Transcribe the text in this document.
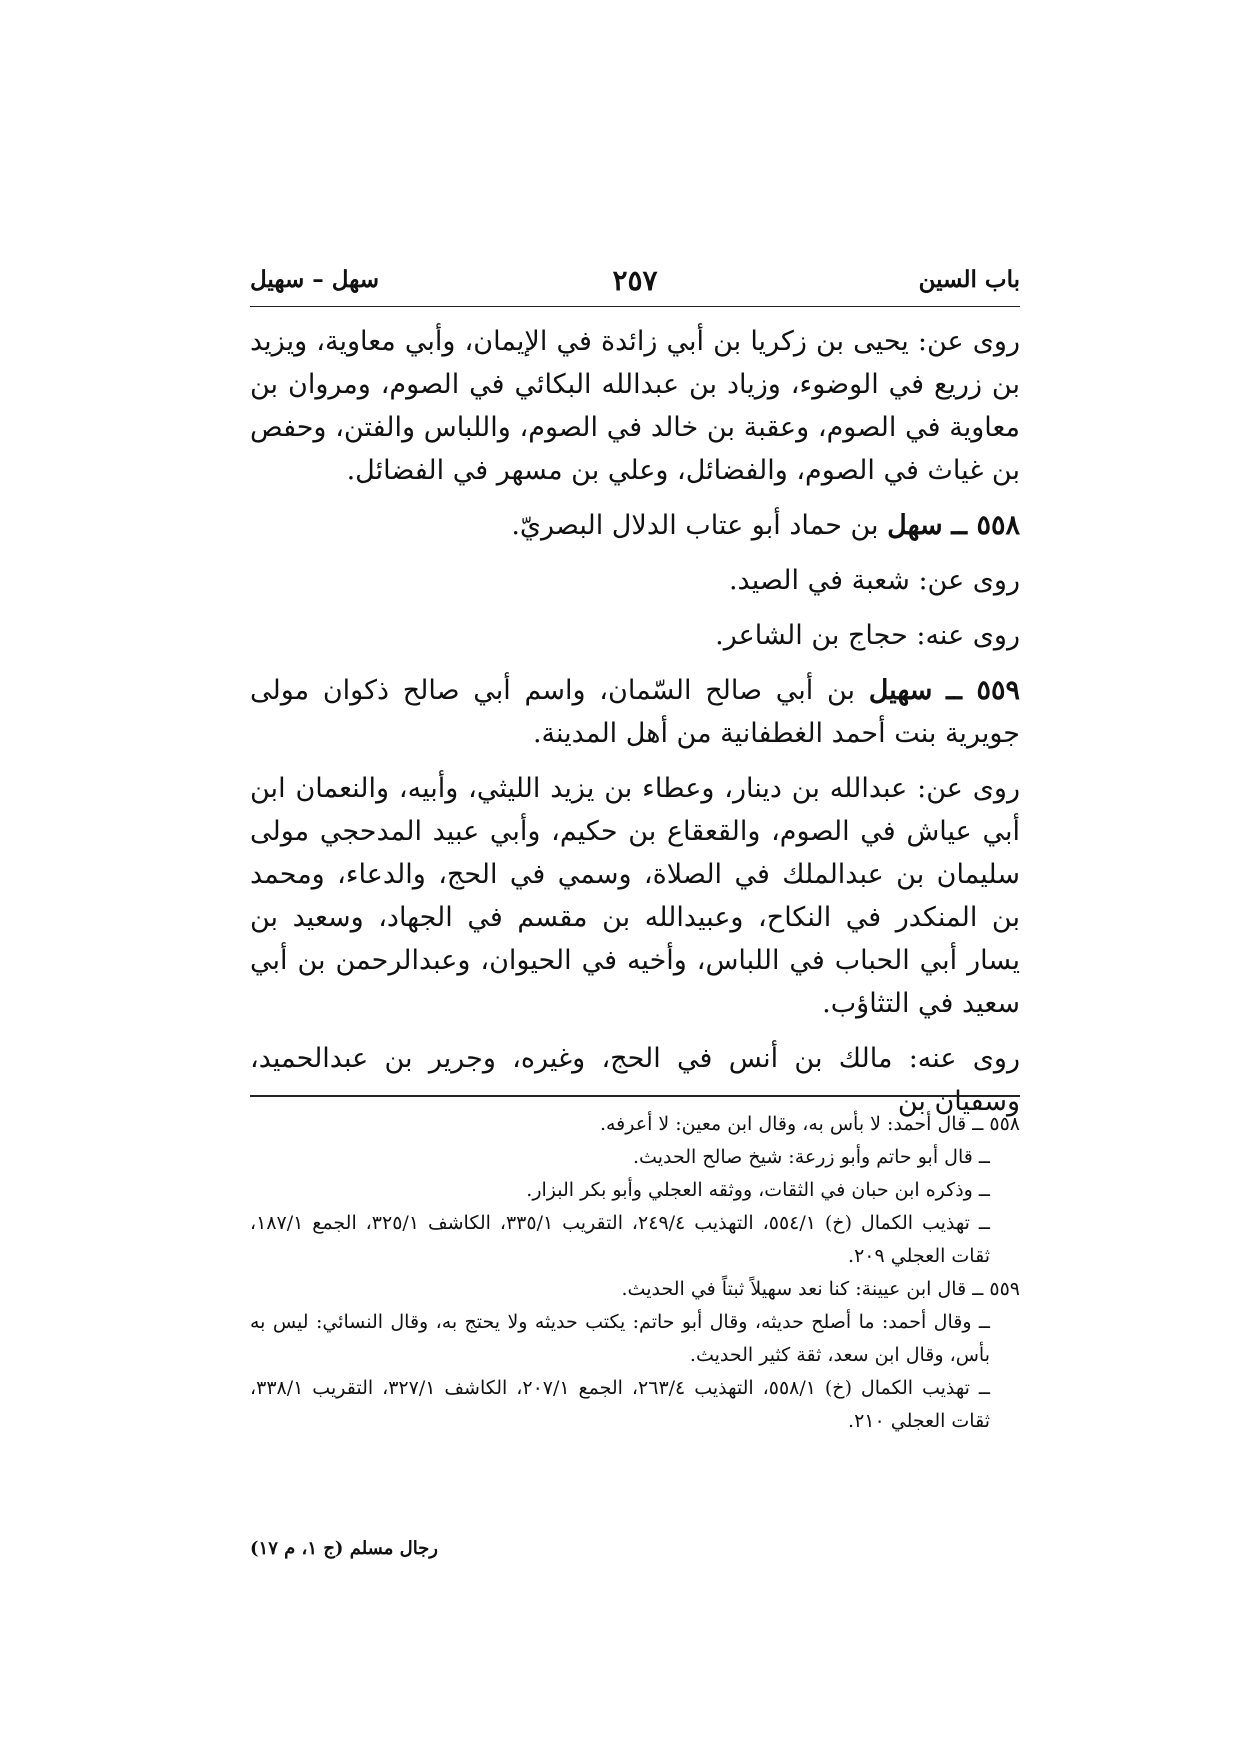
باب السين
٢٥٧
سهل – سهيل

روى عن: يحيى بن زكريا بن أبي زائدة في الإيمان، وأبي معاوية، ويزيد بن زريع في الوضوء، وزياد بن عبدالله البكائي في الصوم، ومروان بن معاوية في الصوم، وعقبة بن خالد في الصوم، واللباس والفتن، وحفص بن غياث في الصوم، والفضائل، وعلي بن مسهر في الفضائل.

٥٥٨ ــ سهل بن حماد أبو عتاب الدلال البصريّ.

روى عن: شعبة في الصيد.

روى عنه: حجاج بن الشاعر.

٥٥٩ ــ سهيل بن أبي صالح السّمان، واسم أبي صالح ذكوان مولى جويرية بنت أحمد الغطفانية من أهل المدينة.

روى عن: عبدالله بن دينار، وعطاء بن يزيد الليثي، وأبيه، والنعمان ابن أبي عياش في الصوم، والقعقاع بن حكيم، وأبي عبيد المدحجي مولى سليمان بن عبدالملك في الصلاة، وسمي في الحج، والدعاء، ومحمد بن المنكدر في النكاح، وعبيدالله بن مقسم في الجهاد، وسعيد بن يسار أبي الحباب في اللباس، وأخيه في الحيوان، وعبدالرحمن بن أبي سعيد في التثاؤب.

روى عنه: مالك بن أنس في الحج، وغيره، وجرير بن عبدالحميد، وسفيان بن

٥٥٨ ــ قال أحمد: لا بأس به، وقال ابن معين: لا أعرفه.

ــ قال أبو حاتم وأبو زرعة: شيخ صالح الحديث.

ــ وذكره ابن حبان في الثقات، ووثقه العجلي وأبو بكر البزار.

ــ تهذيب الكمال (خ) ٥٥٤/١، التهذيب ٢٤٩/٤، التقريب ٣٣٥/١، الكاشف ٣٢٥/١، الجمع ١٨٧/١، ثقات العجلي ٢٠٩.

٥٥٩ ــ قال ابن عيينة: كنا نعد سهيلاً ثبتاً في الحديث.

ــ وقال أحمد: ما أصلح حديثه، وقال أبو حاتم: يكتب حديثه ولا يحتج به، وقال النسائي: ليس به بأس، وقال ابن سعد، ثقة كثير الحديث.

ــ تهذيب الكمال (خ) ٥٥٨/١، التهذيب ٢٦٣/٤، الجمع ٢٠٧/١، الكاشف ٣٢٧/١، التقريب ٣٣٨/١، ثقات العجلي ٢١٠.

رجال مسلم (ج ١، م ١٧)
